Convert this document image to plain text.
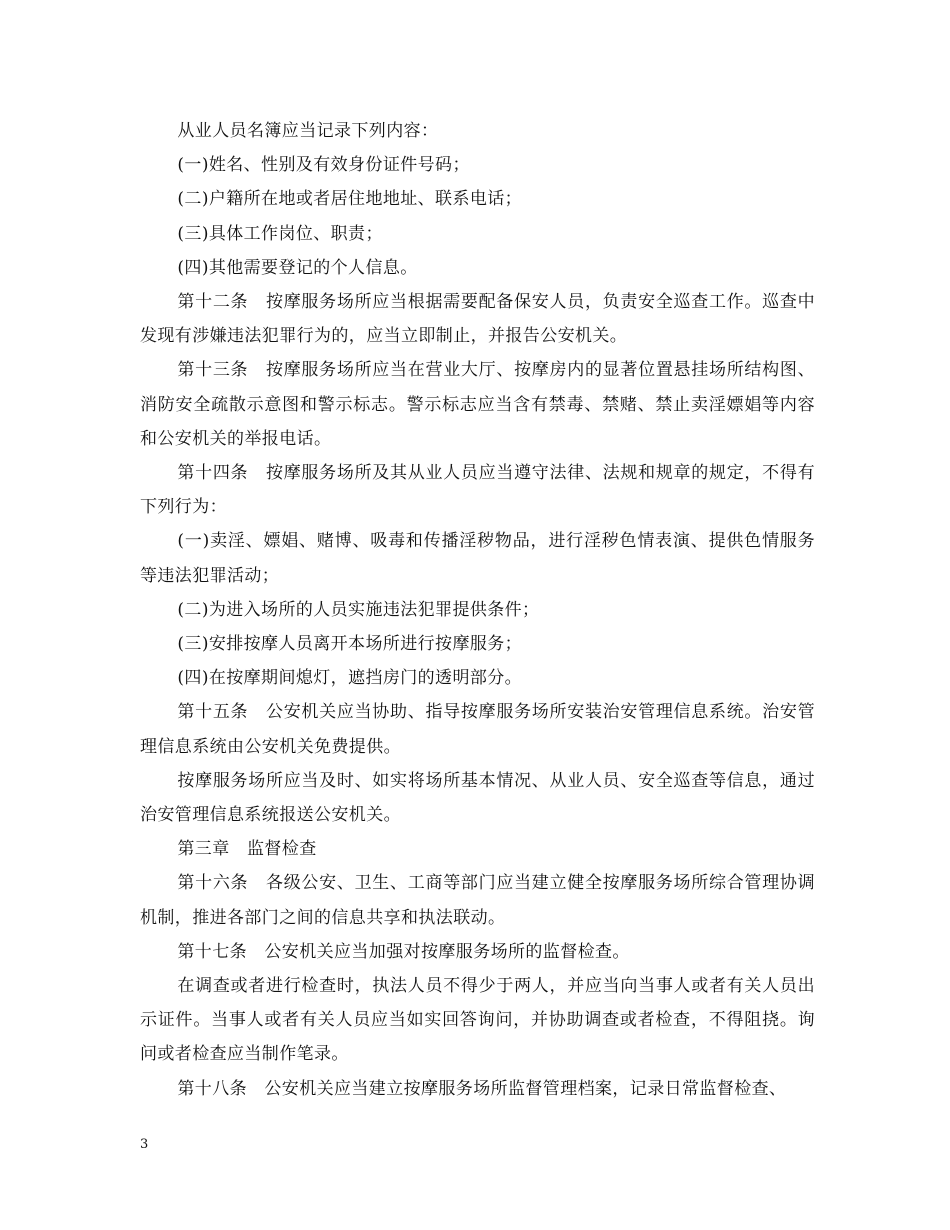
从业人员名簿应当记录下列内容：

(一)姓名、性别及有效身份证件号码；

(二)户籍所在地或者居住地地址、联系电话；

(三)具体工作岗位、职责；

(四)其他需要登记的个人信息。

第十二条　按摩服务场所应当根据需要配备保安人员，负责安全巡查工作。巡查中发现有涉嫌违法犯罪行为的，应当立即制止，并报告公安机关。

第十三条　按摩服务场所应当在营业大厅、按摩房内的显著位置悬挂场所结构图、消防安全疏散示意图和警示标志。警示标志应当含有禁毒、禁赌、禁止卖淫嫖娼等内容和公安机关的举报电话。

第十四条　按摩服务场所及其从业人员应当遵守法律、法规和规章的规定，不得有下列行为：

(一)卖淫、嫖娼、赌博、吸毒和传播淫秽物品，进行淫秽色情表演、提供色情服务等违法犯罪活动；

(二)为进入场所的人员实施违法犯罪提供条件；

(三)安排按摩人员离开本场所进行按摩服务；

(四)在按摩期间熄灯，遮挡房门的透明部分。

第十五条　公安机关应当协助、指导按摩服务场所安装治安管理信息系统。治安管理信息系统由公安机关免费提供。

按摩服务场所应当及时、如实将场所基本情况、从业人员、安全巡查等信息，通过治安管理信息系统报送公安机关。

第三章　监督检查

第十六条　各级公安、卫生、工商等部门应当建立健全按摩服务场所综合管理协调机制，推进各部门之间的信息共享和执法联动。

第十七条　公安机关应当加强对按摩服务场所的监督检查。

在调查或者进行检查时，执法人员不得少于两人，并应当向当事人或者有关人员出示证件。当事人或者有关人员应当如实回答询问，并协助调查或者检查，不得阻挠。询问或者检查应当制作笔录。

第十八条　公安机关应当建立按摩服务场所监督管理档案，记录日常监督检查、

3
